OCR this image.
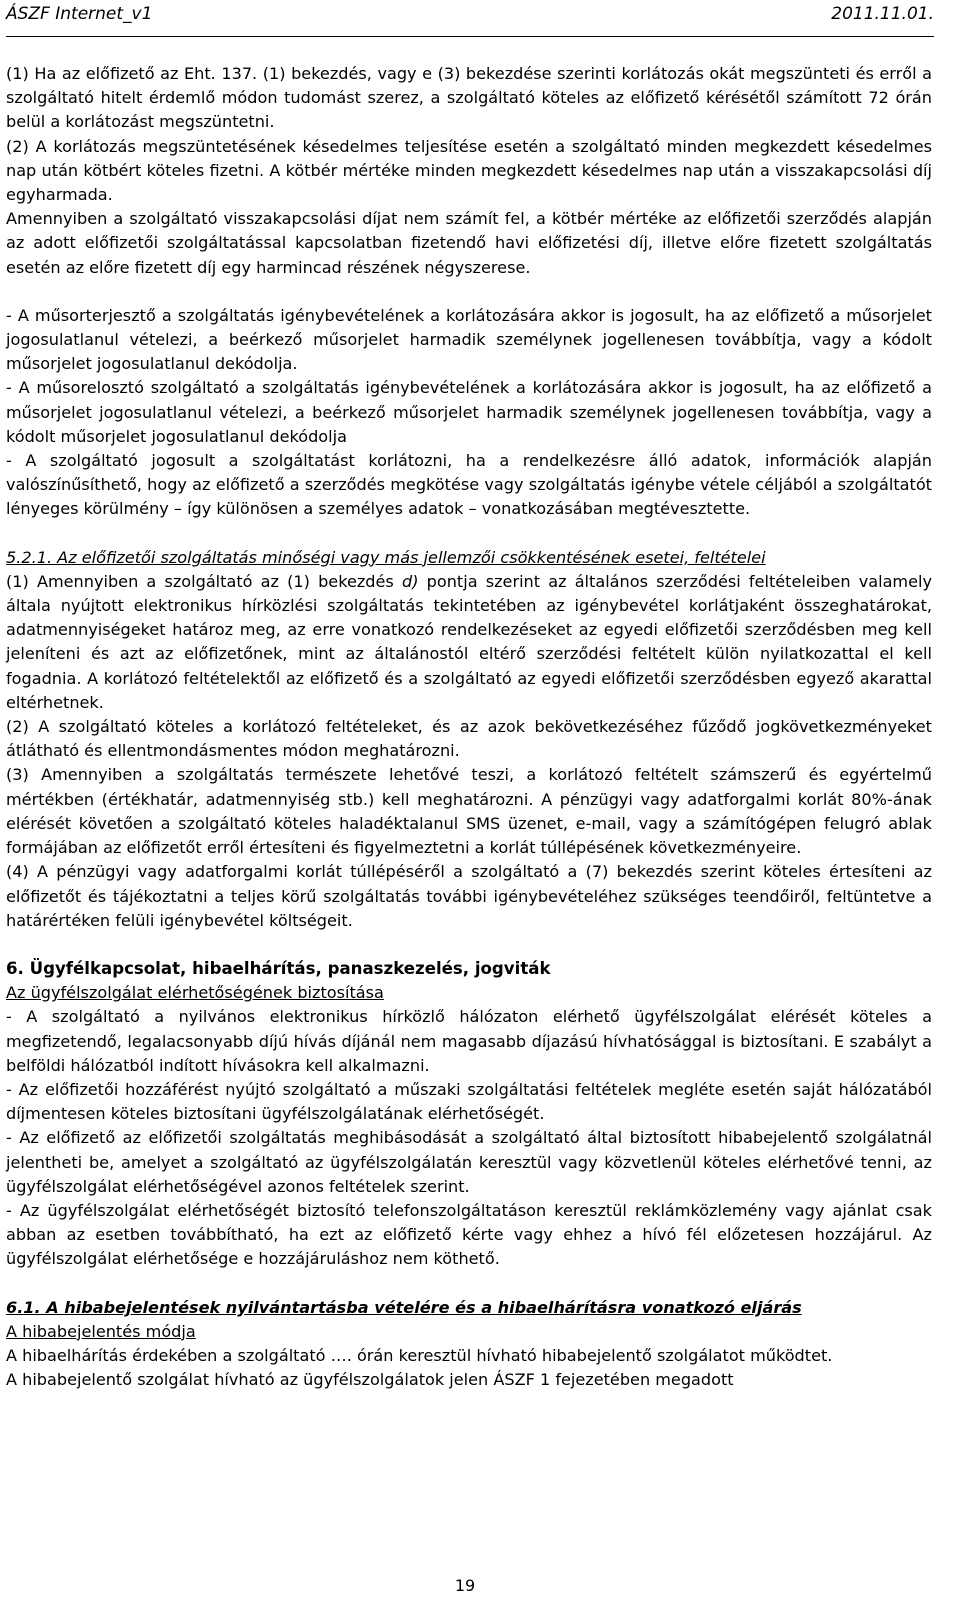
ÁSZF Internet_v1	2011.11.01.

(1) Ha az előfizető az Eht. 137. (1) bekezdés, vagy e (3) bekezdése szerinti korlátozás okát megszünteti és erről a szolgáltató hitelt érdemlő módon tudomást szerez, a szolgáltató köteles az előfizető kérésétől számított 72 órán belül a korlátozást megszüntetni.

(2) A korlátozás megszüntetésének késedelmes teljesítése esetén a szolgáltató minden megkezdett késedelmes nap után kötbért köteles fizetni. A kötbér mértéke minden megkezdett késedelmes nap után a visszakapcsolási díj egyharmada.

Amennyiben a szolgáltató visszakapcsolási díjat nem számít fel, a kötbér mértéke az előfizetői szerződés alapján az adott előfizetői szolgáltatással kapcsolatban fizetendő havi előfizetési díj, illetve előre fizetett szolgáltatás esetén az előre fizetett díj egy harmincad részének négyszerese.

- A műsorterjesztő a szolgáltatás igénybevételének a korlátozására akkor is jogosult, ha az előfizető a műsorjelet jogosulatlanul vételezi, a beérkező műsorjelet harmadik személynek jogellenesen továbbítja, vagy a kódolt műsorjelet jogosulatlanul dekódolja.

- A műsorelosztó szolgáltató a szolgáltatás igénybevételének a korlátozására akkor is jogosult, ha az előfizető a műsorjelet jogosulatlanul vételezi, a beérkező műsorjelet harmadik személynek jogellenesen továbbítja, vagy a kódolt műsorjelet jogosulatlanul dekódolja

- A szolgáltató jogosult a szolgáltatást korlátozni, ha a rendelkezésre álló adatok, információk alapján valószínűsíthető, hogy az előfizető a szerződés megkötése vagy szolgáltatás igénybe vétele céljából a szolgáltatót lényeges körülmény – így különösen a személyes adatok – vonatkozásában megtévesztette.

5.2.1. Az előfizetői szolgáltatás minőségi vagy más jellemzői csökkentésének esetei, feltételei

(1) Amennyiben a szolgáltató az (1) bekezdés d) pontja szerint az általános szerződési feltételeiben valamely általa nyújtott elektronikus hírközlési szolgáltatás tekintetében az igénybevétel korlátjaként összeghatárokat, adatmennyiségeket határoz meg, az erre vonatkozó rendelkezéseket az egyedi előfizetői szerződésben meg kell jeleníteni és azt az előfizetőnek, mint az általánostól eltérő szerződési feltételt külön nyilatkozattal el kell fogadnia. A korlátozó feltételektől az előfizető és a szolgáltató az egyedi előfizetői szerződésben egyező akarattal eltérhetnek.

(2) A szolgáltató köteles a korlátozó feltételeket, és az azok bekövetkezéséhez fűződő jogkövetkezményeket átlátható és ellentmondásmentes módon meghatározni.

(3) Amennyiben a szolgáltatás természete lehetővé teszi, a korlátozó feltételt számszerű és egyértelmű mértékben (értékhatár, adatmennyiség stb.) kell meghatározni. A pénzügyi vagy adatforgalmi korlát 80%-ának elérését követően a szolgáltató köteles haladéktalanul SMS üzenet, e-mail, vagy a számítógépen felugró ablak formájában az előfizetőt erről értesíteni és figyelmeztetni a korlát túllépésének következményeire.

(4) A pénzügyi vagy adatforgalmi korlát túllépéséről a szolgáltató a (7) bekezdés szerint köteles értesíteni az előfizetőt és tájékoztatni a teljes körű szolgáltatás további igénybevételéhez szükséges teendőiről, feltüntetve a határértéken felüli igénybevétel költségeit.

6. Ügyfélkapcsolat, hibaelhárítás, panaszkezelés, jogviták

Az ügyfélszolgálat elérhetőségének biztosítása

- A szolgáltató a nyilvános elektronikus hírközlő hálózaton elérhető ügyfélszolgálat elérését köteles a megfizetendő, legalacsonyabb díjú hívás díjánál nem magasabb díjazású hívhatósággal is biztosítani. E szabályt a belföldi hálózatból indított hívásokra kell alkalmazni.

- Az előfizetői hozzáférést nyújtó szolgáltató a műszaki szolgáltatási feltételek megléte esetén saját hálózatából díjmentesen köteles biztosítani ügyfélszolgálatának elérhetőségét.

- Az előfizető az előfizetői szolgáltatás meghibásodását a szolgáltató által biztosított hibabejelentő szolgálatnál jelentheti be, amelyet a szolgáltató az ügyfélszolgálatán keresztül vagy közvetlenül köteles elérhetővé tenni, az ügyfélszolgálat elérhetőségével azonos feltételek szerint.

- Az ügyfélszolgálat elérhetőségét biztosító telefonszolgáltatáson keresztül reklámközlemény vagy ajánlat csak abban az esetben továbbítható, ha ezt az előfizető kérte vagy ehhez a hívó fél előzetesen hozzájárul. Az ügyfélszolgálat elérhetősége e hozzájáruláshoz nem köthető.

6.1. A hibabejelentések nyilvántartásba vételére és a hibaelhárításra vonatkozó eljárás

A hibabejelentés módja

A hibaelhárítás érdekében a szolgáltató …. órán keresztül hívható hibabejelentő szolgálatot működtet.

A hibabejelentő szolgálat hívható az ügyfélszolgálatok jelen ÁSZF 1 fejezetében megadott

19
